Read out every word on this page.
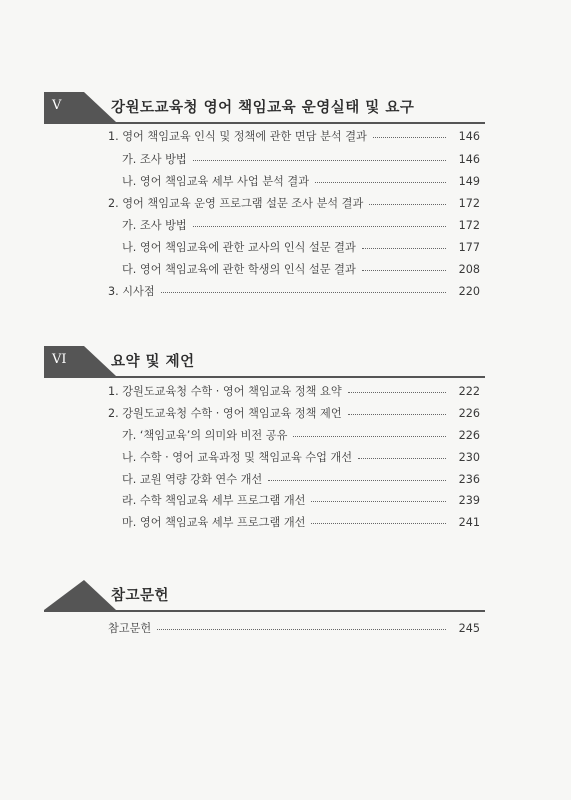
V	강원도교육청 영어 책임교육 운영실태 및 요구
1. 영어 책임교육 인식 및 정책에 관한 면담 분석 결과	146
가. 조사 방법	146
나. 영어 책임교육 세부 사업 분석 결과	149
2. 영어 책임교육 운영 프로그램 설문 조사 분석 결과	172
가. 조사 방법	172
나. 영어 책임교육에 관한 교사의 인식 설문 결과	177
다. 영어 책임교육에 관한 학생의 인식 설문 결과	208
3. 시사점	220
VI	요약 및 제언
1. 강원도교육청 수학 · 영어 책임교육 정책 요약	222
2. 강원도교육청 수학 · 영어 책임교육 정책 제언	226
가. ‘책임교육’의 의미와 비전 공유	226
나. 수학 · 영어 교육과정 및 책임교육 수업 개선	230
다. 교원 역량 강화 연수 개선	236
라. 수학 책임교육 세부 프로그램 개선	239
마. 영어 책임교육 세부 프로그램 개선	241
참고문헌
참고문헌	245
